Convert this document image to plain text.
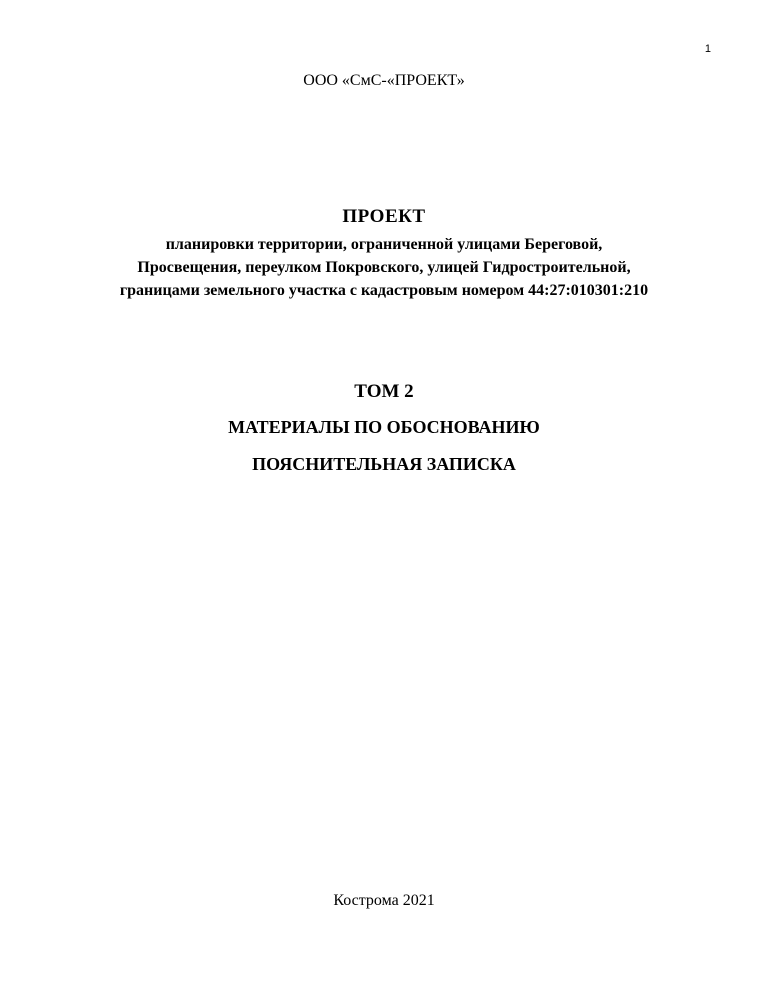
1
ООО «СмС-«ПРОЕКТ»
ПРОЕКТ
планировки территории, ограниченной улицами Береговой,
Просвещения, переулком Покровского, улицей Гидростроительной,
границами земельного участка с кадастровым номером 44:27:010301:210
ТОМ 2
МАТЕРИАЛЫ ПО ОБОСНОВАНИЮ
ПОЯСНИТЕЛЬНАЯ ЗАПИСКА
Кострома 2021
